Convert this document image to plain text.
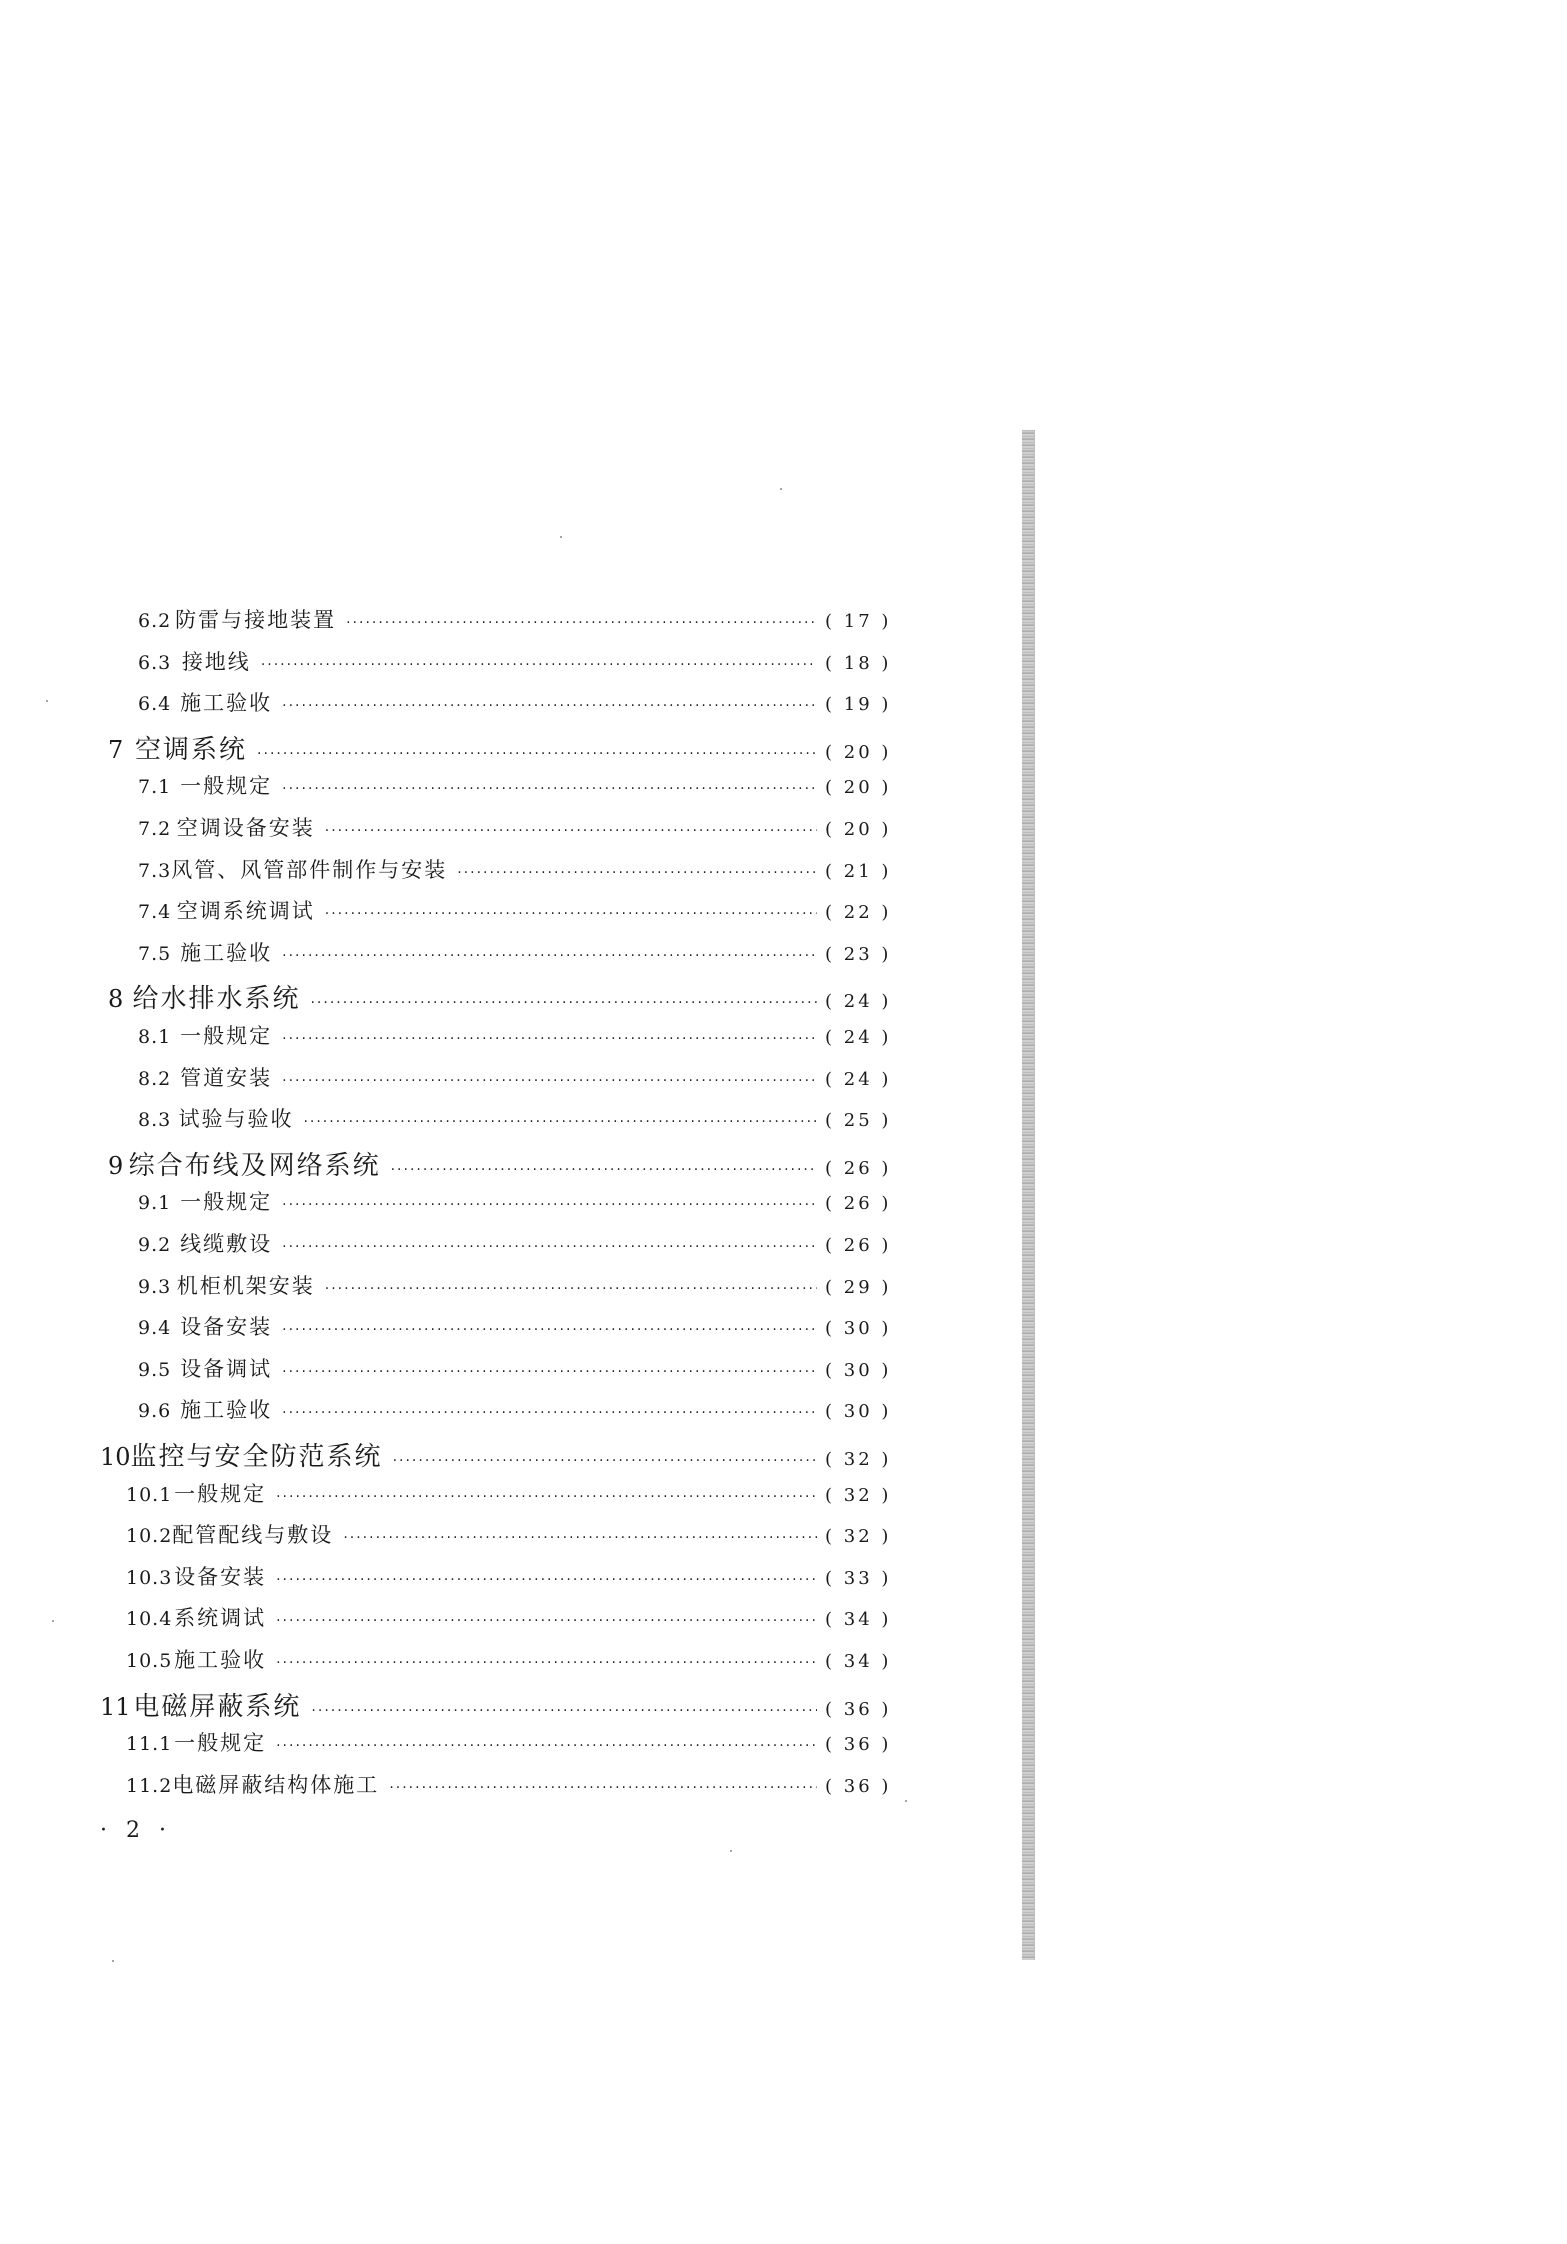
6.2 防雷与接地装置 ·····	( 17 )
6.3 接地线 ·····	( 18 )
6.4 施工验收 ·····	( 19 )
7 空调系统 ·····	( 20 )
7.1 一般规定 ·····	( 20 )
7.2 空调设备安装 ·····	( 20 )
7.3 风管、风管部件制作与安装 ·····	( 21 )
7.4 空调系统调试 ·····	( 22 )
7.5 施工验收 ·····	( 23 )
8 给水排水系统 ·····	( 24 )
8.1 一般规定 ·····	( 24 )
8.2 管道安装 ·····	( 24 )
8.3 试验与验收 ·····	( 25 )
9 综合布线及网络系统 ·····	( 26 )
9.1 一般规定 ·····	( 26 )
9.2 线缆敷设 ·····	( 26 )
9.3 机柜机架安装 ·····	( 29 )
9.4 设备安装 ·····	( 30 )
9.5 设备调试 ·····	( 30 )
9.6 施工验收 ·····	( 30 )
10 监控与安全防范系统 ·····	( 32 )
10.1 一般规定 ·····	( 32 )
10.2 配管配线与敷设 ·····	( 32 )
10.3 设备安装 ·····	( 33 )
10.4 系统调试 ·····	( 34 )
10.5 施工验收 ·····	( 34 )
11 电磁屏蔽系统 ·····	( 36 )
11.1 一般规定 ·····	( 36 )
11.2 电磁屏蔽结构体施工 ·····	( 36 )
· 2 ·
